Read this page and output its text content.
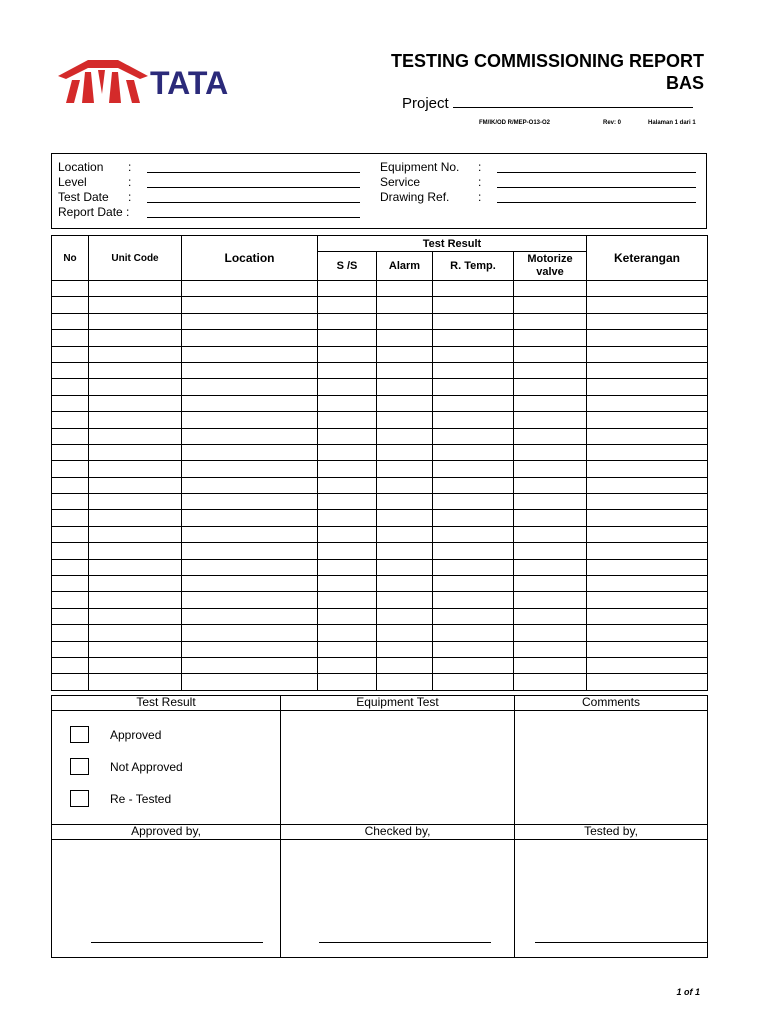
TATA
TESTING COMMISSIONING REPORT
BAS
Project
FM/IK/OD R/MEP-O13-O2	Rev: 0	Halaman 1 dari 1
Location :
Level	:
Test Date :
Report Date :
Equipment No. :
Service	:
Drawing Ref. :
No	Unit Code	Location	Test Result				Keterangan
			S /S	Alarm	R. Temp.	Motorize
valve	

Test Result	Equipment Test	Comments

Approved
Not Approved
Re - Tested		

Approved by,	Checked by,	Tested by,

1 of 1
